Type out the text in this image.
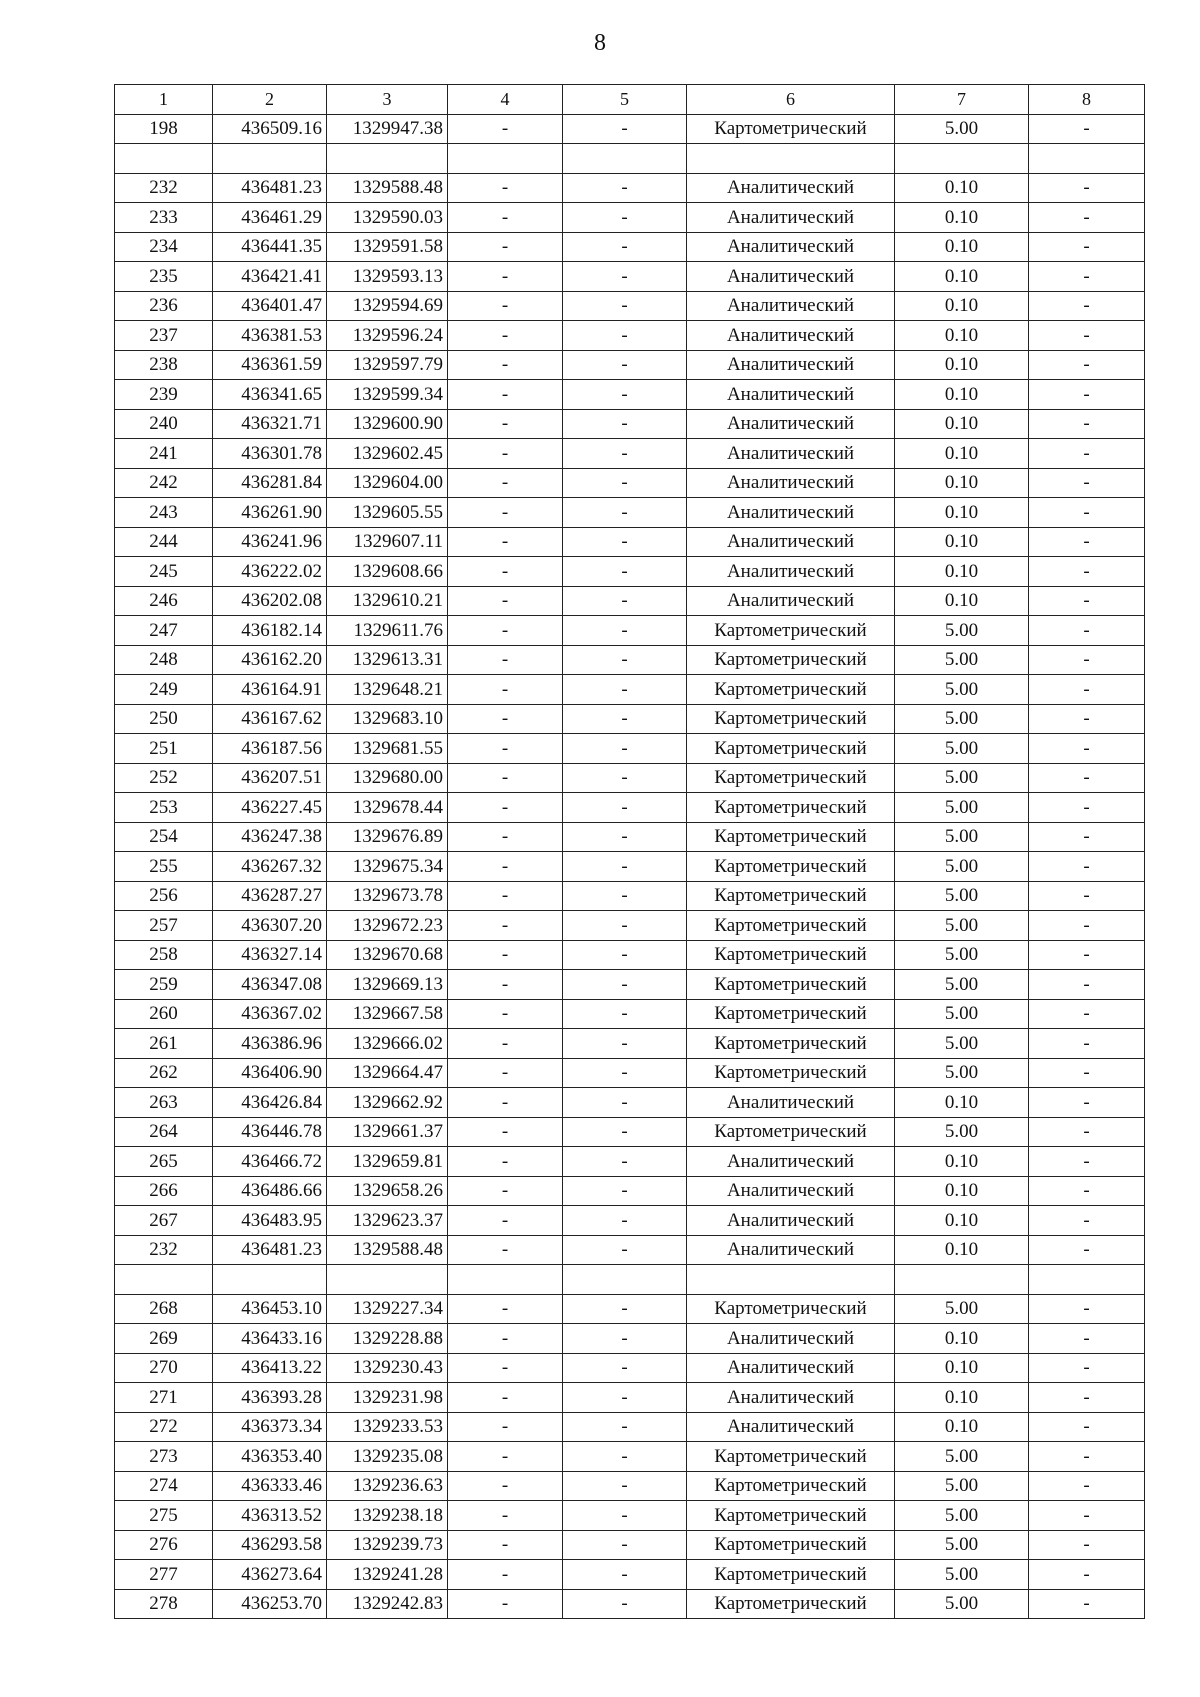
8
1	2	3	4	5	6	7	8
198	436509.16	1329947.38	-	-	Картометрический	5.00	-

232	436481.23	1329588.48	-	-	Аналитический	0.10	-
233	436461.29	1329590.03	-	-	Аналитический	0.10	-
234	436441.35	1329591.58	-	-	Аналитический	0.10	-
235	436421.41	1329593.13	-	-	Аналитический	0.10	-
236	436401.47	1329594.69	-	-	Аналитический	0.10	-
237	436381.53	1329596.24	-	-	Аналитический	0.10	-
238	436361.59	1329597.79	-	-	Аналитический	0.10	-
239	436341.65	1329599.34	-	-	Аналитический	0.10	-
240	436321.71	1329600.90	-	-	Аналитический	0.10	-
241	436301.78	1329602.45	-	-	Аналитический	0.10	-
242	436281.84	1329604.00	-	-	Аналитический	0.10	-
243	436261.90	1329605.55	-	-	Аналитический	0.10	-
244	436241.96	1329607.11	-	-	Аналитический	0.10	-
245	436222.02	1329608.66	-	-	Аналитический	0.10	-
246	436202.08	1329610.21	-	-	Аналитический	0.10	-
247	436182.14	1329611.76	-	-	Картометрический	5.00	-
248	436162.20	1329613.31	-	-	Картометрический	5.00	-
249	436164.91	1329648.21	-	-	Картометрический	5.00	-
250	436167.62	1329683.10	-	-	Картометрический	5.00	-
251	436187.56	1329681.55	-	-	Картометрический	5.00	-
252	436207.51	1329680.00	-	-	Картометрический	5.00	-
253	436227.45	1329678.44	-	-	Картометрический	5.00	-
254	436247.38	1329676.89	-	-	Картометрический	5.00	-
255	436267.32	1329675.34	-	-	Картометрический	5.00	-
256	436287.27	1329673.78	-	-	Картометрический	5.00	-
257	436307.20	1329672.23	-	-	Картометрический	5.00	-
258	436327.14	1329670.68	-	-	Картометрический	5.00	-
259	436347.08	1329669.13	-	-	Картометрический	5.00	-
260	436367.02	1329667.58	-	-	Картометрический	5.00	-
261	436386.96	1329666.02	-	-	Картометрический	5.00	-
262	436406.90	1329664.47	-	-	Картометрический	5.00	-
263	436426.84	1329662.92	-	-	Аналитический	0.10	-
264	436446.78	1329661.37	-	-	Картометрический	5.00	-
265	436466.72	1329659.81	-	-	Аналитический	0.10	-
266	436486.66	1329658.26	-	-	Аналитический	0.10	-
267	436483.95	1329623.37	-	-	Аналитический	0.10	-
232	436481.23	1329588.48	-	-	Аналитический	0.10	-

268	436453.10	1329227.34	-	-	Картометрический	5.00	-
269	436433.16	1329228.88	-	-	Аналитический	0.10	-
270	436413.22	1329230.43	-	-	Аналитический	0.10	-
271	436393.28	1329231.98	-	-	Аналитический	0.10	-
272	436373.34	1329233.53	-	-	Аналитический	0.10	-
273	436353.40	1329235.08	-	-	Картометрический	5.00	-
274	436333.46	1329236.63	-	-	Картометрический	5.00	-
275	436313.52	1329238.18	-	-	Картометрический	5.00	-
276	436293.58	1329239.73	-	-	Картометрический	5.00	-
277	436273.64	1329241.28	-	-	Картометрический	5.00	-
278	436253.70	1329242.83	-	-	Картометрический	5.00	-
